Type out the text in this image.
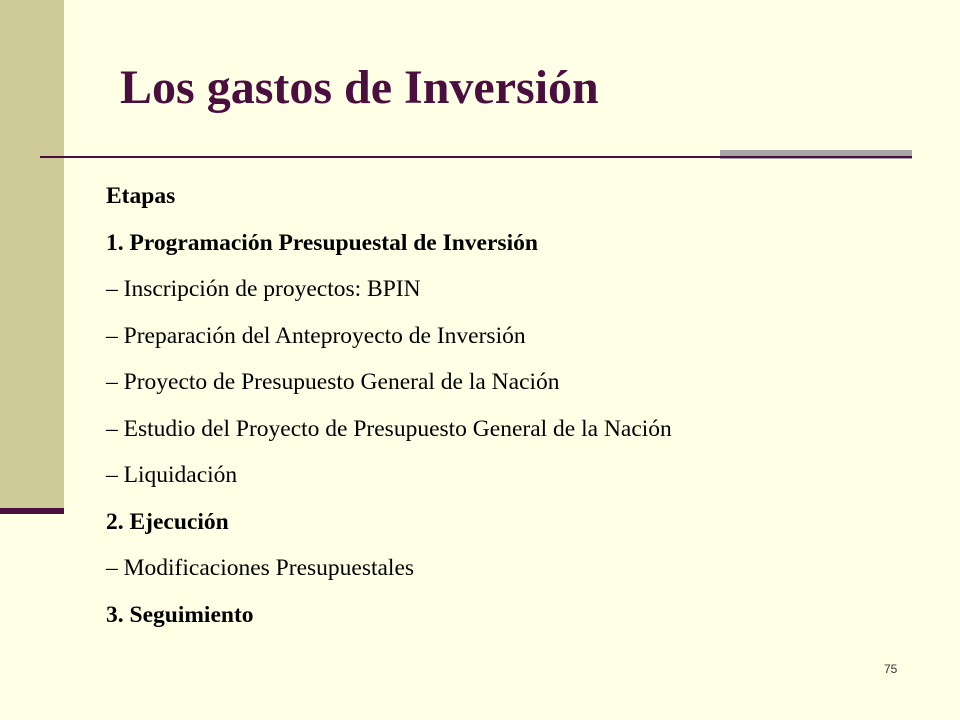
Los gastos de Inversión
Etapas
1. Programación Presupuestal de Inversión
– Inscripción de proyectos: BPIN
– Preparación del Anteproyecto de Inversión
– Proyecto de Presupuesto General de la Nación
– Estudio del Proyecto de Presupuesto General de la Nación
– Liquidación
2. Ejecución
– Modificaciones Presupuestales
3. Seguimiento
75
